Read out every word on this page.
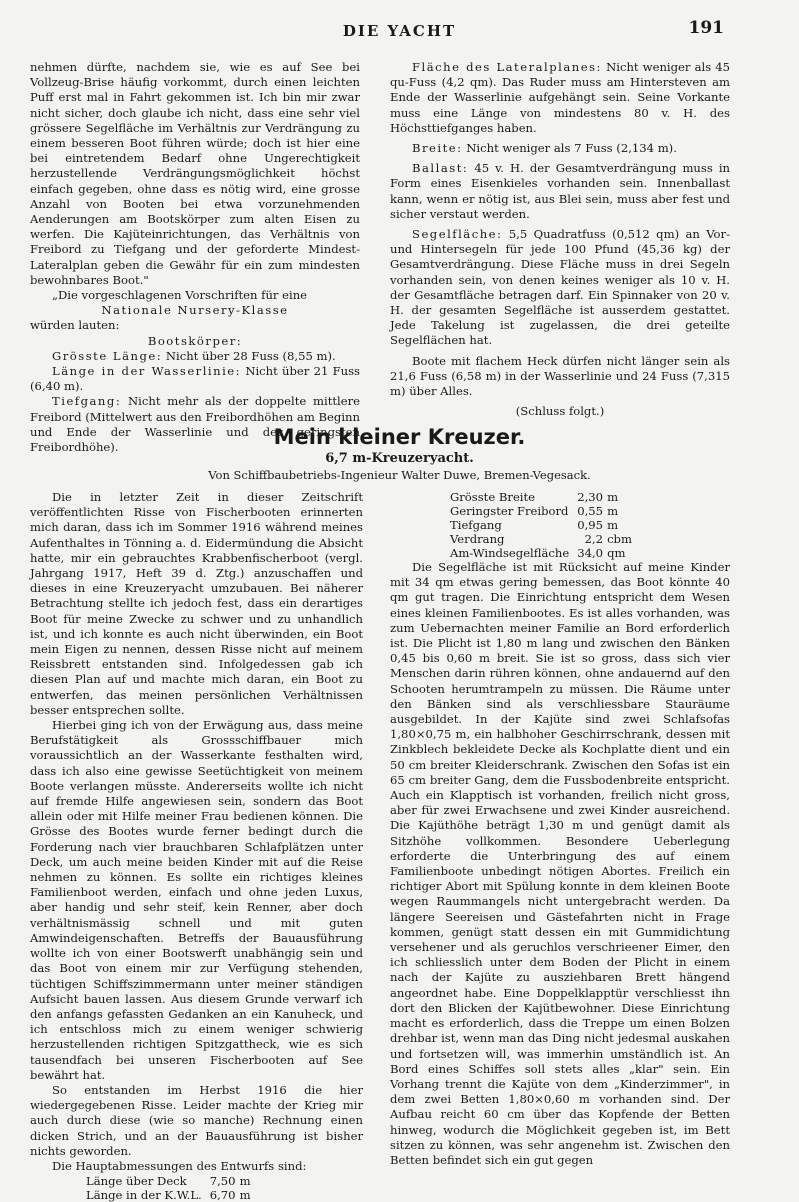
DIE YACHT	191

nehmen dürfte, nachdem sie, wie es auf See bei Vollzeug-Brise häufig vorkommt, durch einen leichten Puff erst mal in Fahrt gekommen ist. Ich bin mir zwar nicht sicher, doch glaube ich nicht, dass eine sehr viel grössere Segelfläche im Verhältnis zur Verdrängung zu einem besseren Boot führen würde; doch ist hier eine bei eintretendem Bedarf ohne Ungerechtigkeit herzustellende Verdrängungsmöglichkeit höchst einfach gegeben, ohne dass es nötig wird, eine grosse Anzahl von Booten bei etwa vorzunehmenden Aenderungen am Bootskörper zum alten Eisen zu werfen. Die Kajüteinrichtungen, das Verhältnis von Freibord zu Tiefgang und der geforderte Mindest-Lateralplan geben die Gewähr für ein zum mindesten bewohnbares Boot."

„Die vorgeschlagenen Vorschriften für eine

Nationale Nursery-Klasse

würden lauten:

Bootskörper:

Grösste Länge: Nicht über 28 Fuss (8,55 m).

Länge in der Wasserlinie: Nicht über 21 Fuss (6,40 m).

Tiefgang: Nicht mehr als der doppelte mittlere Freibord (Mittelwert aus den Freibordhöhen am Beginn und Ende der Wasserlinie und der geringsten Freibordhöhe).

Fläche des Lateralplanes: Nicht weniger als 45 qu-Fuss (4,2 qm). Das Ruder muss am Hintersteven am Ende der Wasserlinie aufgehängt sein. Seine Vorkante muss eine Länge von mindestens 80 v. H. des Höchsttiefganges haben.

Breite: Nicht weniger als 7 Fuss (2,134 m).

Ballast: 45 v. H. der Gesamtverdrängung muss in Form eines Eisenkieles vorhanden sein. Innenballast kann, wenn er nötig ist, aus Blei sein, muss aber fest und sicher verstaut werden.

Segelfläche: 5,5 Quadratfuss (0,512 qm) an Vor- und Hintersegeln für jede 100 Pfund (45,36 kg) der Gesamtverdrängung. Diese Fläche muss in drei Segeln vorhanden sein, von denen keines weniger als 10 v. H. der Gesamtfläche betragen darf. Ein Spinnaker von 20 v. H. der gesamten Segelfläche ist ausserdem gestattet. Jede Takelung ist zugelassen, die drei geteilte Segelflächen hat.

Boote mit flachem Heck dürfen nicht länger sein als 21,6 Fuss (6,58 m) in der Wasserlinie und 24 Fuss (7,315 m) über Alles.

(Schluss folgt.)

Mein kleiner Kreuzer.
6,7 m-Kreuzeryacht.
Von Schiffbaubetriebs-Ingenieur Walter Duwe, Bremen-Vegesack.

Die in letzter Zeit in dieser Zeitschrift veröffentlichten Risse von Fischerbooten erinnerten mich daran, dass ich im Sommer 1916 während meines Aufenthaltes in Tönning a. d. Eidermündung die Absicht hatte, mir ein gebrauchtes Krabbenfischerboot (vergl. Jahrgang 1917, Heft 39 d. Ztg.) anzuschaffen und dieses in eine Kreuzeryacht umzubauen. Bei näherer Betrachtung stellte ich jedoch fest, dass ein derartiges Boot für meine Zwecke zu schwer und zu unhandlich ist, und ich konnte es auch nicht überwinden, ein Boot mein Eigen zu nennen, dessen Risse nicht auf meinem Reissbrett entstanden sind. Infolgedessen gab ich diesen Plan auf und machte mich daran, ein Boot zu entwerfen, das meinen persönlichen Verhältnissen besser entsprechen sollte.

Hierbei ging ich von der Erwägung aus, dass meine Berufstätigkeit als Grossschiffbauer mich voraussichtlich an der Wasserkante festhalten wird, dass ich also eine gewisse Seetüchtigkeit von meinem Boote verlangen müsste. Andererseits wollte ich nicht auf fremde Hilfe angewiesen sein, sondern das Boot allein oder mit Hilfe meiner Frau bedienen können. Die Grösse des Bootes wurde ferner bedingt durch die Forderung nach vier brauchbaren Schlafplätzen unter Deck, um auch meine beiden Kinder mit auf die Reise nehmen zu können. Es sollte ein richtiges kleines Familienboot werden, einfach und ohne jeden Luxus, aber handig und sehr steif, kein Renner, aber doch verhältnismässig schnell und mit guten Amwindeigenschaften. Betreffs der Bauausführung wollte ich von einer Bootswerft unabhängig sein und das Boot von einem mir zur Verfügung stehenden, tüchtigen Schiffszimmermann unter meiner ständigen Aufsicht bauen lassen. Aus diesem Grunde verwarf ich den anfangs gefassten Gedanken an ein Kanuheck, und ich entschloss mich zu einem weniger schwierig herzustellenden richtigen Spitzgattheck, wie es sich tausendfach bei unseren Fischerbooten auf See bewährt hat.

So entstanden im Herbst 1916 die hier wiedergegebenen Risse. Leider machte der Krieg mir auch durch diese (wie so manche) Rechnung einen dicken Strich, und an der Bauausführung ist bisher nichts geworden.

Die Hauptabmessungen des Entwurfs sind:

Länge über Deck	7,50	m
Länge in der K.W.L.	6,70	m
Grösste Breite	2,30	m
Geringster Freibord	0,55	m
Tiefgang	0,95	m
Verdrang	2,2	cbm
Am-Windsegelfläche	34,0	qm

Die Segelfläche ist mit Rücksicht auf meine Kinder mit 34 qm etwas gering bemessen, das Boot könnte 40 qm gut tragen. Die Einrichtung entspricht dem Wesen eines kleinen Familienbootes. Es ist alles vorhanden, was zum Uebernachten meiner Familie an Bord erforderlich ist. Die Plicht ist 1,80 m lang und zwischen den Bänken 0,45 bis 0,60 m breit. Sie ist so gross, dass sich vier Menschen darin rühren können, ohne andauernd auf den Schooten herumtrampeln zu müssen. Die Räume unter den Bänken sind als verschliessbare Stauräume ausgebildet. In der Kajüte sind zwei Schlafsofas 1,80×0,75 m, ein halbhoher Geschirrschrank, dessen mit Zinkblech bekleidete Decke als Kochplatte dient und ein 50 cm breiter Kleiderschrank. Zwischen den Sofas ist ein 65 cm breiter Gang, dem die Fussbodenbreite entspricht. Auch ein Klapptisch ist vorhanden, freilich nicht gross, aber für zwei Erwachsene und zwei Kinder ausreichend. Die Kajüthöhe beträgt 1,30 m und genügt damit als Sitzhöhe vollkommen. Besondere Ueberlegung erforderte die Unterbringung des auf einem Familienboote unbedingt nötigen Abortes. Freilich ein richtiger Abort mit Spülung konnte in dem kleinen Boote wegen Raummangels nicht untergebracht werden. Da längere Seereisen und Gästefahrten nicht in Frage kommen, genügt statt dessen ein mit Gummidichtung versehener und als geruchlos verschrieener Eimer, den ich schliesslich unter dem Boden der Plicht in einem nach der Kajüte zu ausziehbaren Brett hängend angeordnet habe. Eine Doppelklapptür verschliesst ihn dort den Blicken der Kajütbewohner. Diese Einrichtung macht es erforderlich, dass die Treppe um einen Bolzen drehbar ist, wenn man das Ding nicht jedesmal auskahen und fortsetzen will, was immerhin umständlich ist. An Bord eines Schiffes soll stets alles „klar" sein. Ein Vorhang trennt die Kajüte von dem „Kinderzimmer", in dem zwei Betten 1,80×0,60 m vorhanden sind. Der Aufbau reicht 60 cm über das Kopfende der Betten hinweg, wodurch die Möglichkeit gegeben ist, im Bett sitzen zu können, was sehr angenehm ist. Zwischen den Betten befindet sich ein gut gegen
